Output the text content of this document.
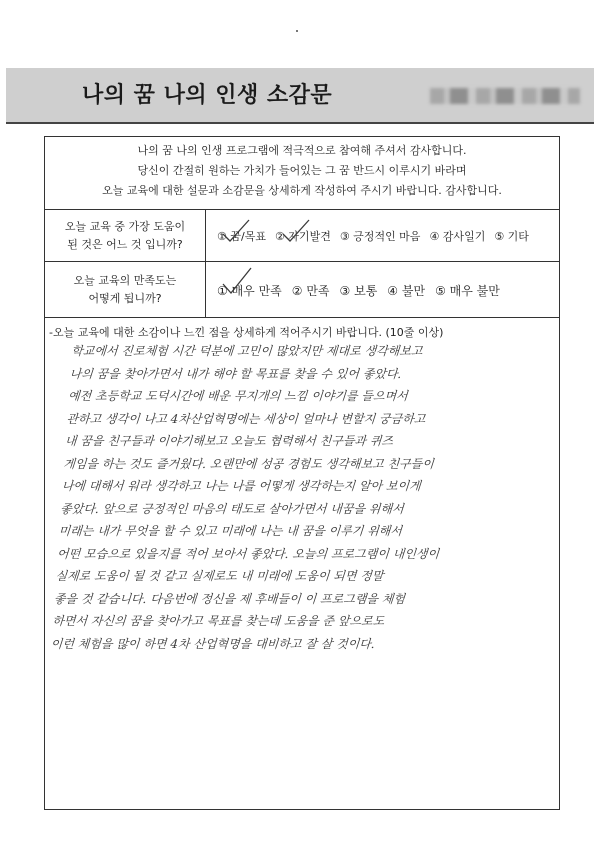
나의 꿈 나의 인생 소감문
나의 꿈 나의 인생 프로그램에 적극적으로 참여해 주셔서 감사합니다.
당신이 간절히 원하는 가치가 들어있는 그 꿈 반드시 이루시기 바라며
오늘 교육에 대한 설문과 소감문을 상세하게 작성하여 주시기 바랍니다. 감사합니다.
오늘 교육 중 가장 도움이
된 것은 어느 것 입니까?
① 꿈/목표 ② 자기발견 ③ 긍정적인 마음 ④ 감사일기 ⑤ 기타
오늘 교육의 만족도는
어떻게 됩니까?
① 매우 만족 ② 만족 ③ 보통 ④ 불만 ⑤ 매우 불만
-오늘 교육에 대한 소감이나 느낀 점을 상세하게 적어주시기 바랍니다. (10줄 이상)
학교에서 진로체험 시간 덕분에 고민이 많았지만 제대로 생각해보고
나의 꿈을 찾아가면서 내가 해야 할 목표를 찾을 수 있어 좋았다.
예전 초등학교 도덕시간에 배운 무지개의 느낌 이야기를 들으며서
관하고 생각이 나고 4차산업혁명에는 세상이 얼마나 변할지 궁금하고
내 꿈을 친구들과 이야기해보고 오늘도 협력해서 친구들과 퀴즈
게임을 하는 것도 즐거웠다. 오랜만에 성공 경험도 생각해보고 친구들이
나에 대해서 워라 생각하고 나는 나를 어떻게 생각하는지 알아 보이게
좋았다. 앞으로 긍정적인 마음의 태도로 살아가면서 내꿈을 위해서
미래는 내가 무엇을 할 수 있고 미래에 나는 내 꿈을 이루기 위해서
어떤 모습으로 있을지를 적어 보아서 좋았다. 오늘의 프로그램이 내인생이
실제로 도움이 될 것 같고 실제로도 내 미래에 도움이 되면 정말
좋을 것 같습니다. 다음번에 정신을 제 후배들이 이 프로그램을 체험
하면서 자신의 꿈을 찾아가고 목표를 찾는데 도움을 준 앞으로도
이런 체험을 많이 하면 4차 산업혁명을 대비하고 잘 살 것이다.
